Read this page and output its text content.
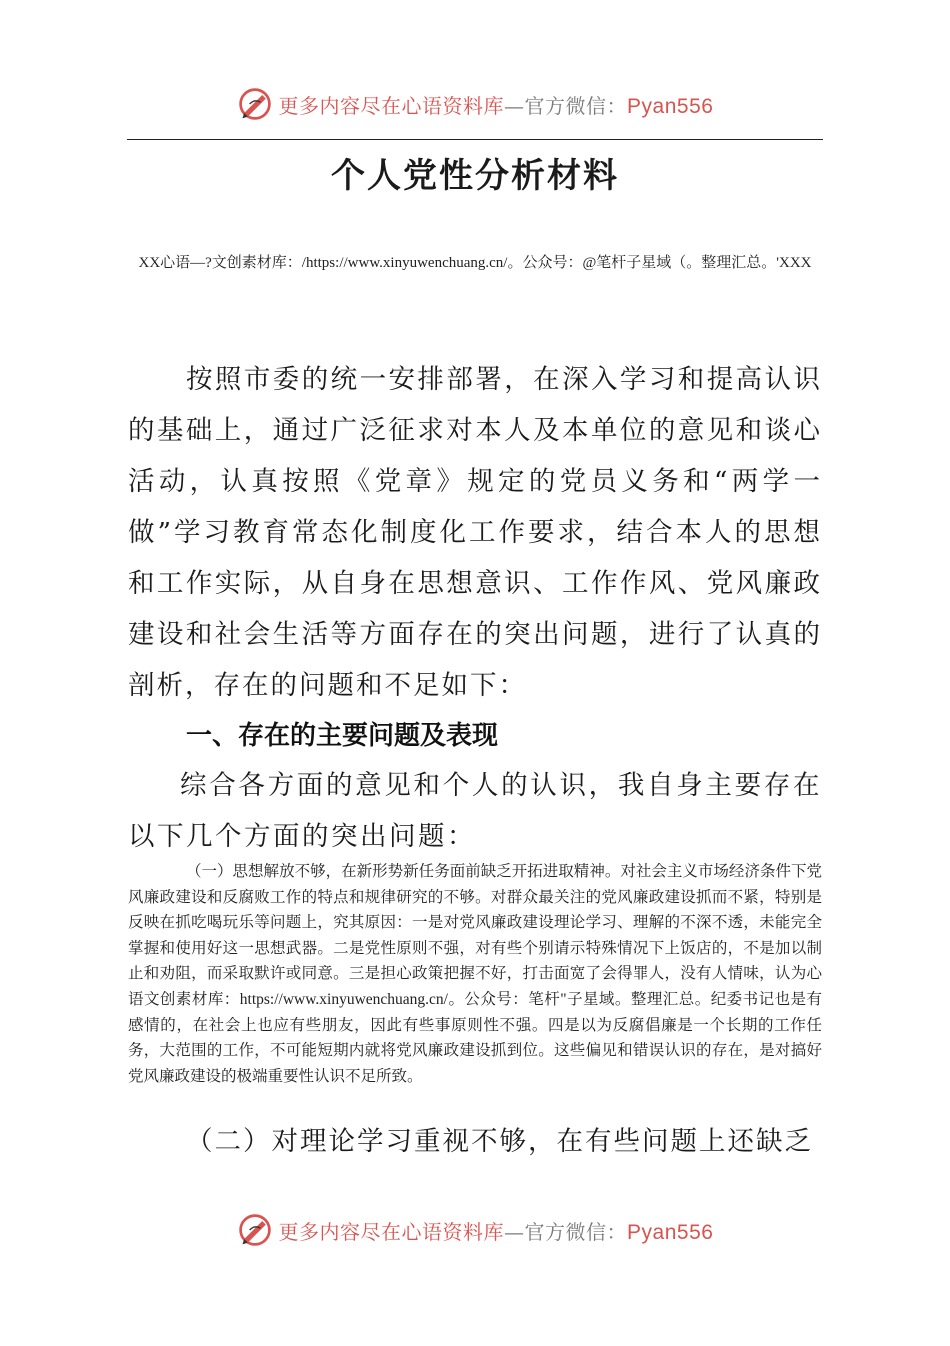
更多内容尽在心语资料库—官方微信：Pyan556
个人党性分析材料
XX心语—?文创素材库：/https://www.xinyuwenchuang.cn/。公众号：@笔杆子星域（。整理汇总。'XXX
按照市委的统一安排部署，在深入学习和提高认识的基础上，通过广泛征求对本人及本单位的意见和谈心活动，认真按照《党章》规定的党员义务和“两学一做”学习教育常态化制度化工作要求，结合本人的思想和工作实际，从自身在思想意识、工作作风、党风廉政建设和社会生活等方面存在的突出问题，进行了认真的剖析，存在的问题和不足如下：
一、存在的主要问题及表现
综合各方面的意见和个人的认识，我自身主要存在以下几个方面的突出问题：
（一）思想解放不够，在新形势新任务面前缺乏开拓进取精神。对社会主义市场经济条件下党风廉政建设和反腐败工作的特点和规律研究的不够。对群众最关注的党风廉政建设抓而不紧，特别是反映在抓吃喝玩乐等问题上，究其原因：一是对党风廉政建设理论学习、理解的不深不透，未能完全掌握和使用好这一思想武器。二是党性原则不强，对有些个别请示特殊情况下上饭店的，不是加以制止和劝阻，而采取默许或同意。三是担心政策把握不好，打击面宽了会得罪人，没有人情味，认为心语文创素材库：https://www.xinyuwenchuang.cn/。公众号：笔杆"子星域。整理汇总。纪委书记也是有感情的，在社会上也应有些朋友，因此有些事原则性不强。四是以为反腐倡廉是一个长期的工作任务，大范围的工作，不可能短期内就将党风廉政建设抓到位。这些偏见和错误认识的存在，是对搞好党风廉政建设的极端重要性认识不足所致。
（二）对理论学习重视不够，在有些问题上还缺乏
更多内容尽在心语资料库—官方微信：Pyan556
